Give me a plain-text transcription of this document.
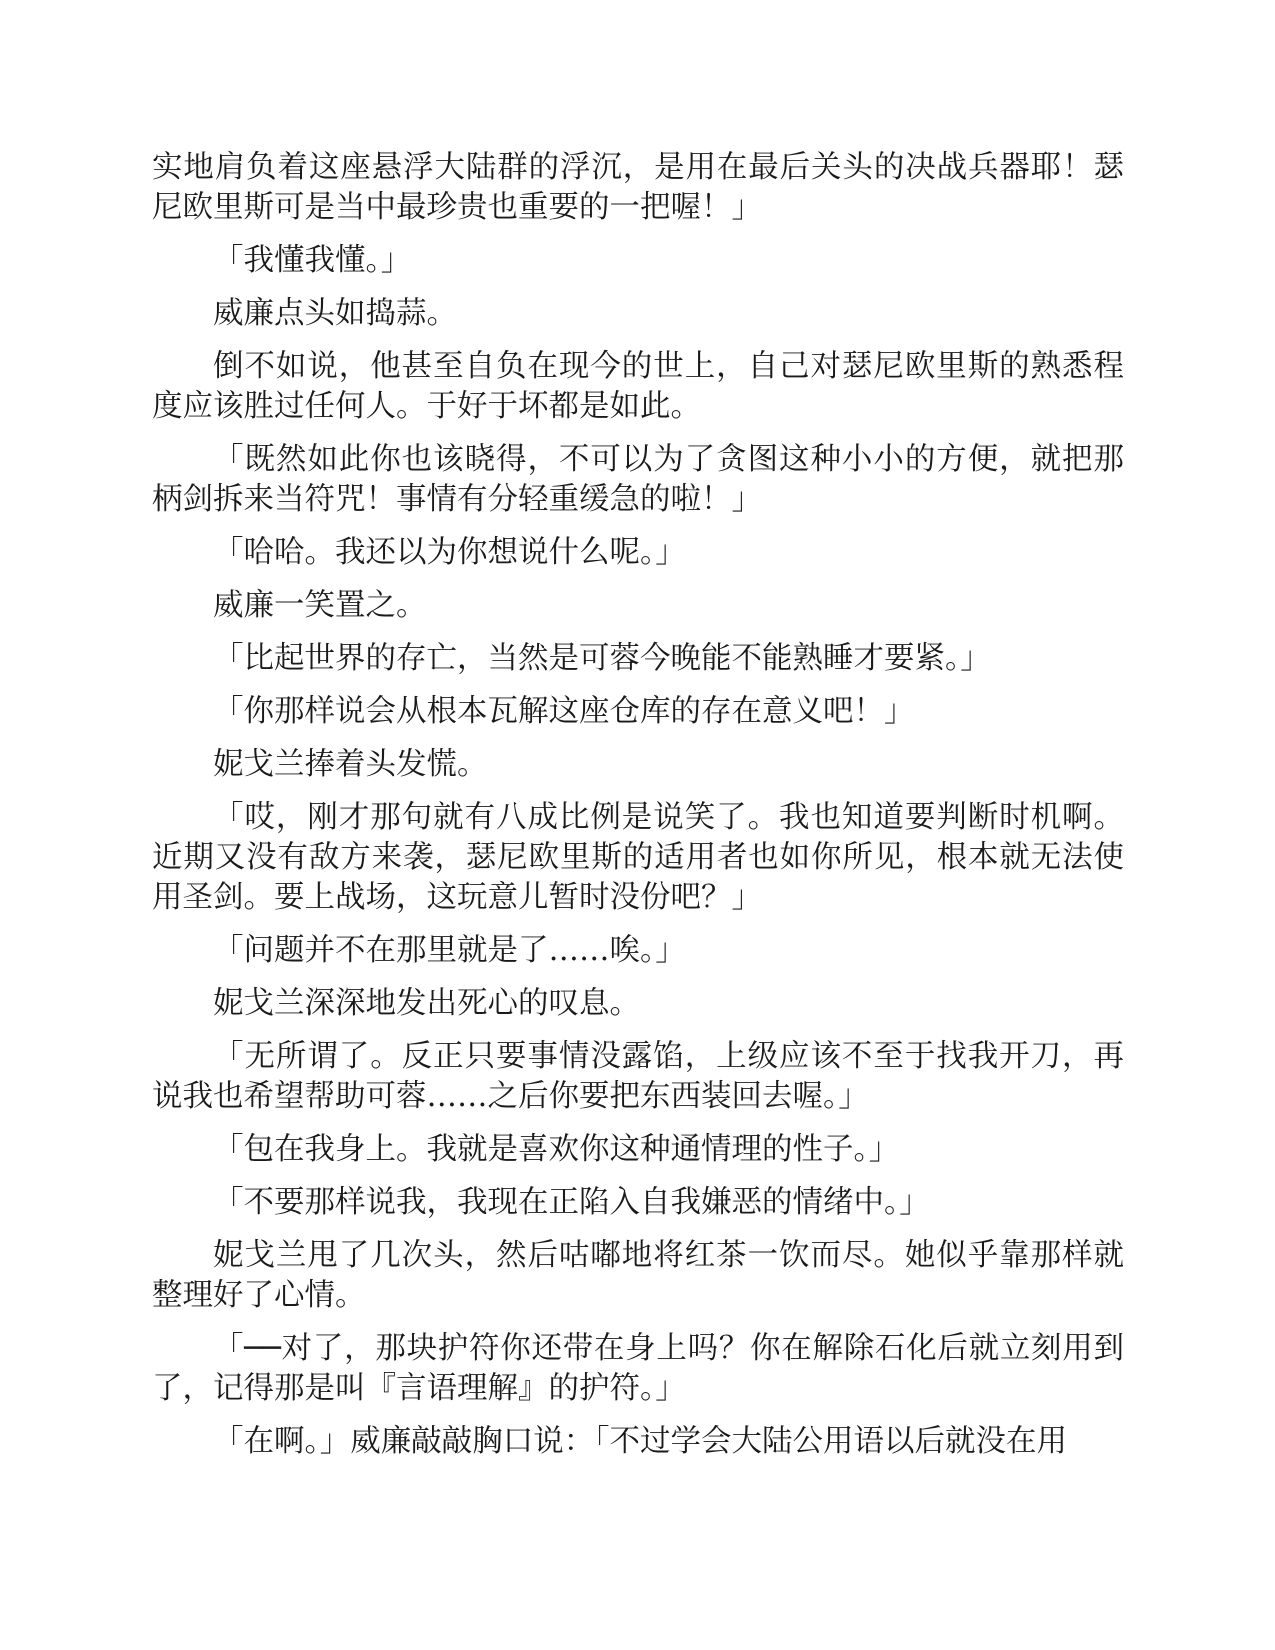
实地肩负着这座悬浮大陆群的浮沉，是用在最后关头的决战兵器耶！瑟尼欧里斯可是当中最珍贵也重要的一把喔！」

「我懂我懂。」

威廉点头如捣蒜。

倒不如说，他甚至自负在现今的世上，自己对瑟尼欧里斯的熟悉程度应该胜过任何人。于好于坏都是如此。

「既然如此你也该晓得，不可以为了贪图这种小小的方便，就把那柄剑拆来当符咒！事情有分轻重缓急的啦！」

「哈哈。我还以为你想说什么呢。」

威廉一笑置之。

「比起世界的存亡，当然是可蓉今晚能不能熟睡才要紧。」

「你那样说会从根本瓦解这座仓库的存在意义吧！」

妮戈兰捧着头发慌。

「哎，刚才那句就有八成比例是说笑了。我也知道要判断时机啊。近期又没有敌方来袭，瑟尼欧里斯的适用者也如你所见，根本就无法使用圣剑。要上战场，这玩意儿暂时没份吧？」

「问题并不在那里就是了……唉。」

妮戈兰深深地发出死心的叹息。

「无所谓了。反正只要事情没露馅，上级应该不至于找我开刀，再说我也希望帮助可蓉……之后你要把东西装回去喔。」

「包在我身上。我就是喜欢你这种通情理的性子。」

「不要那样说我，我现在正陷入自我嫌恶的情绪中。」

妮戈兰甩了几次头，然后咕嘟地将红茶一饮而尽。她似乎靠那样就整理好了心情。

「──对了，那块护符你还带在身上吗？你在解除石化后就立刻用到了，记得那是叫『言语理解』的护符。」

「在啊。」威廉敲敲胸口说：「不过学会大陆公用语以后就没在用
